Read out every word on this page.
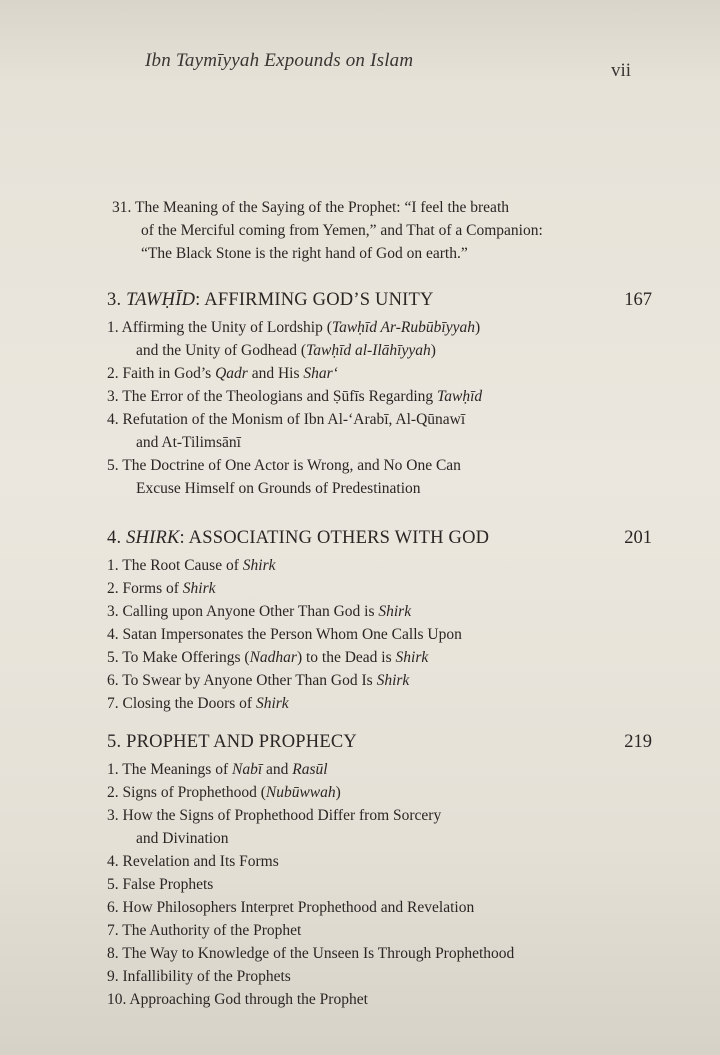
Ibn Taymīyyah Expounds on Islam	vii
31. The Meaning of the Saying of the Prophet: “I feel the breath
of the Merciful coming from Yemen,” and That of a Companion:
“The Black Stone is the right hand of God on earth.”
3. TAWḤĪD: AFFIRMING GOD’S UNITY	167
1. Affirming the Unity of Lordship (Tawḥīd Ar-Rubūbīyyah)
and the Unity of Godhead (Tawḥīd al-Ilāhīyyah)
2. Faith in God’s Qadr and His Shar‘
3. The Error of the Theologians and Ṣūfīs Regarding Tawḥīd
4. Refutation of the Monism of Ibn Al-‘Arabī, Al-Qūnawī
and At-Tilimsānī
5. The Doctrine of One Actor is Wrong, and No One Can
Excuse Himself on Grounds of Predestination
4. SHIRK: ASSOCIATING OTHERS WITH GOD	201
1. The Root Cause of Shirk
2. Forms of Shirk
3. Calling upon Anyone Other Than God is Shirk
4. Satan Impersonates the Person Whom One Calls Upon
5. To Make Offerings (Nadhar) to the Dead is Shirk
6. To Swear by Anyone Other Than God Is Shirk
7. Closing the Doors of Shirk
5. PROPHET AND PROPHECY	219
1. The Meanings of Nabī and Rasūl
2. Signs of Prophethood (Nubūwwah)
3. How the Signs of Prophethood Differ from Sorcery
and Divination
4. Revelation and Its Forms
5. False Prophets
6. How Philosophers Interpret Prophethood and Revelation
7. The Authority of the Prophet
8. The Way to Knowledge of the Unseen Is Through Prophethood
9. Infallibility of the Prophets
10. Approaching God through the Prophet
